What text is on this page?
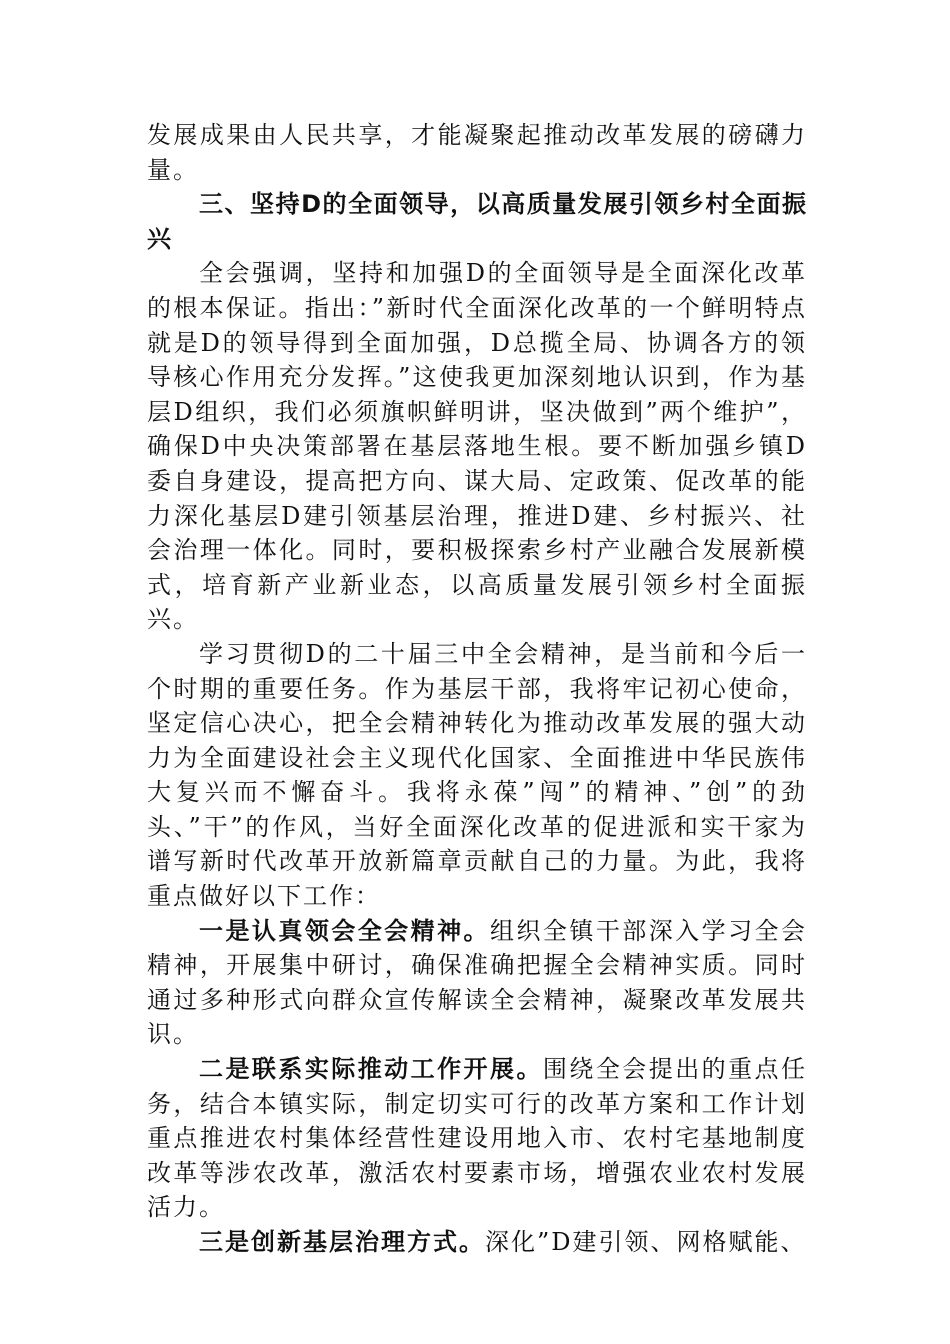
发展成果由人民共享，才能凝聚起推动改革发展的磅礴力量。

三、坚持D的全面领导，以高质量发展引领乡村全面振兴

全会强调，坚持和加强D的全面领导是全面深化改革的根本保证。指出：”新时代全面深化改革的一个鲜明特点就是D的领导得到全面加强，D总揽全局、协调各方的领导核心作用充分发挥。”这使我更加深刻地认识到，作为基层D组织，我们必须旗帜鲜明讲，坚决做到”两个维护”，确保D中央决策部署在基层落地生根。要不断加强乡镇D委自身建设，提高把方向、谋大局、定政策、促改革的能力深化基层D建引领基层治理，推进D建、乡村振兴、社会治理一体化。同时，要积极探索乡村产业融合发展新模式，培育新产业新业态，以高质量发展引领乡村全面振兴。

学习贯彻D的二十届三中全会精神，是当前和今后一个时期的重要任务。作为基层干部，我将牢记初心使命，坚定信心决心，把全会精神转化为推动改革发展的强大动力为全面建设社会主义现代化国家、全面推进中华民族伟大复兴而不懈奋斗。我将永葆”闯”的精神、”创”的劲头、”干”的作风，当好全面深化改革的促进派和实干家为谱写新时代改革开放新篇章贡献自己的力量。为此，我将重点做好以下工作：

一是认真领会全会精神。组织全镇干部深入学习全会精神，开展集中研讨，确保准确把握全会精神实质。同时通过多种形式向群众宣传解读全会精神，凝聚改革发展共识。

二是联系实际推动工作开展。围绕全会提出的重点任务，结合本镇实际，制定切实可行的改革方案和工作计划重点推进农村集体经营性建设用地入市、农村宅基地制度改革等涉农改革，激活农村要素市场，增强农业农村发展活力。

三是创新基层治理方式。深化”D建引领、网格赋能、
